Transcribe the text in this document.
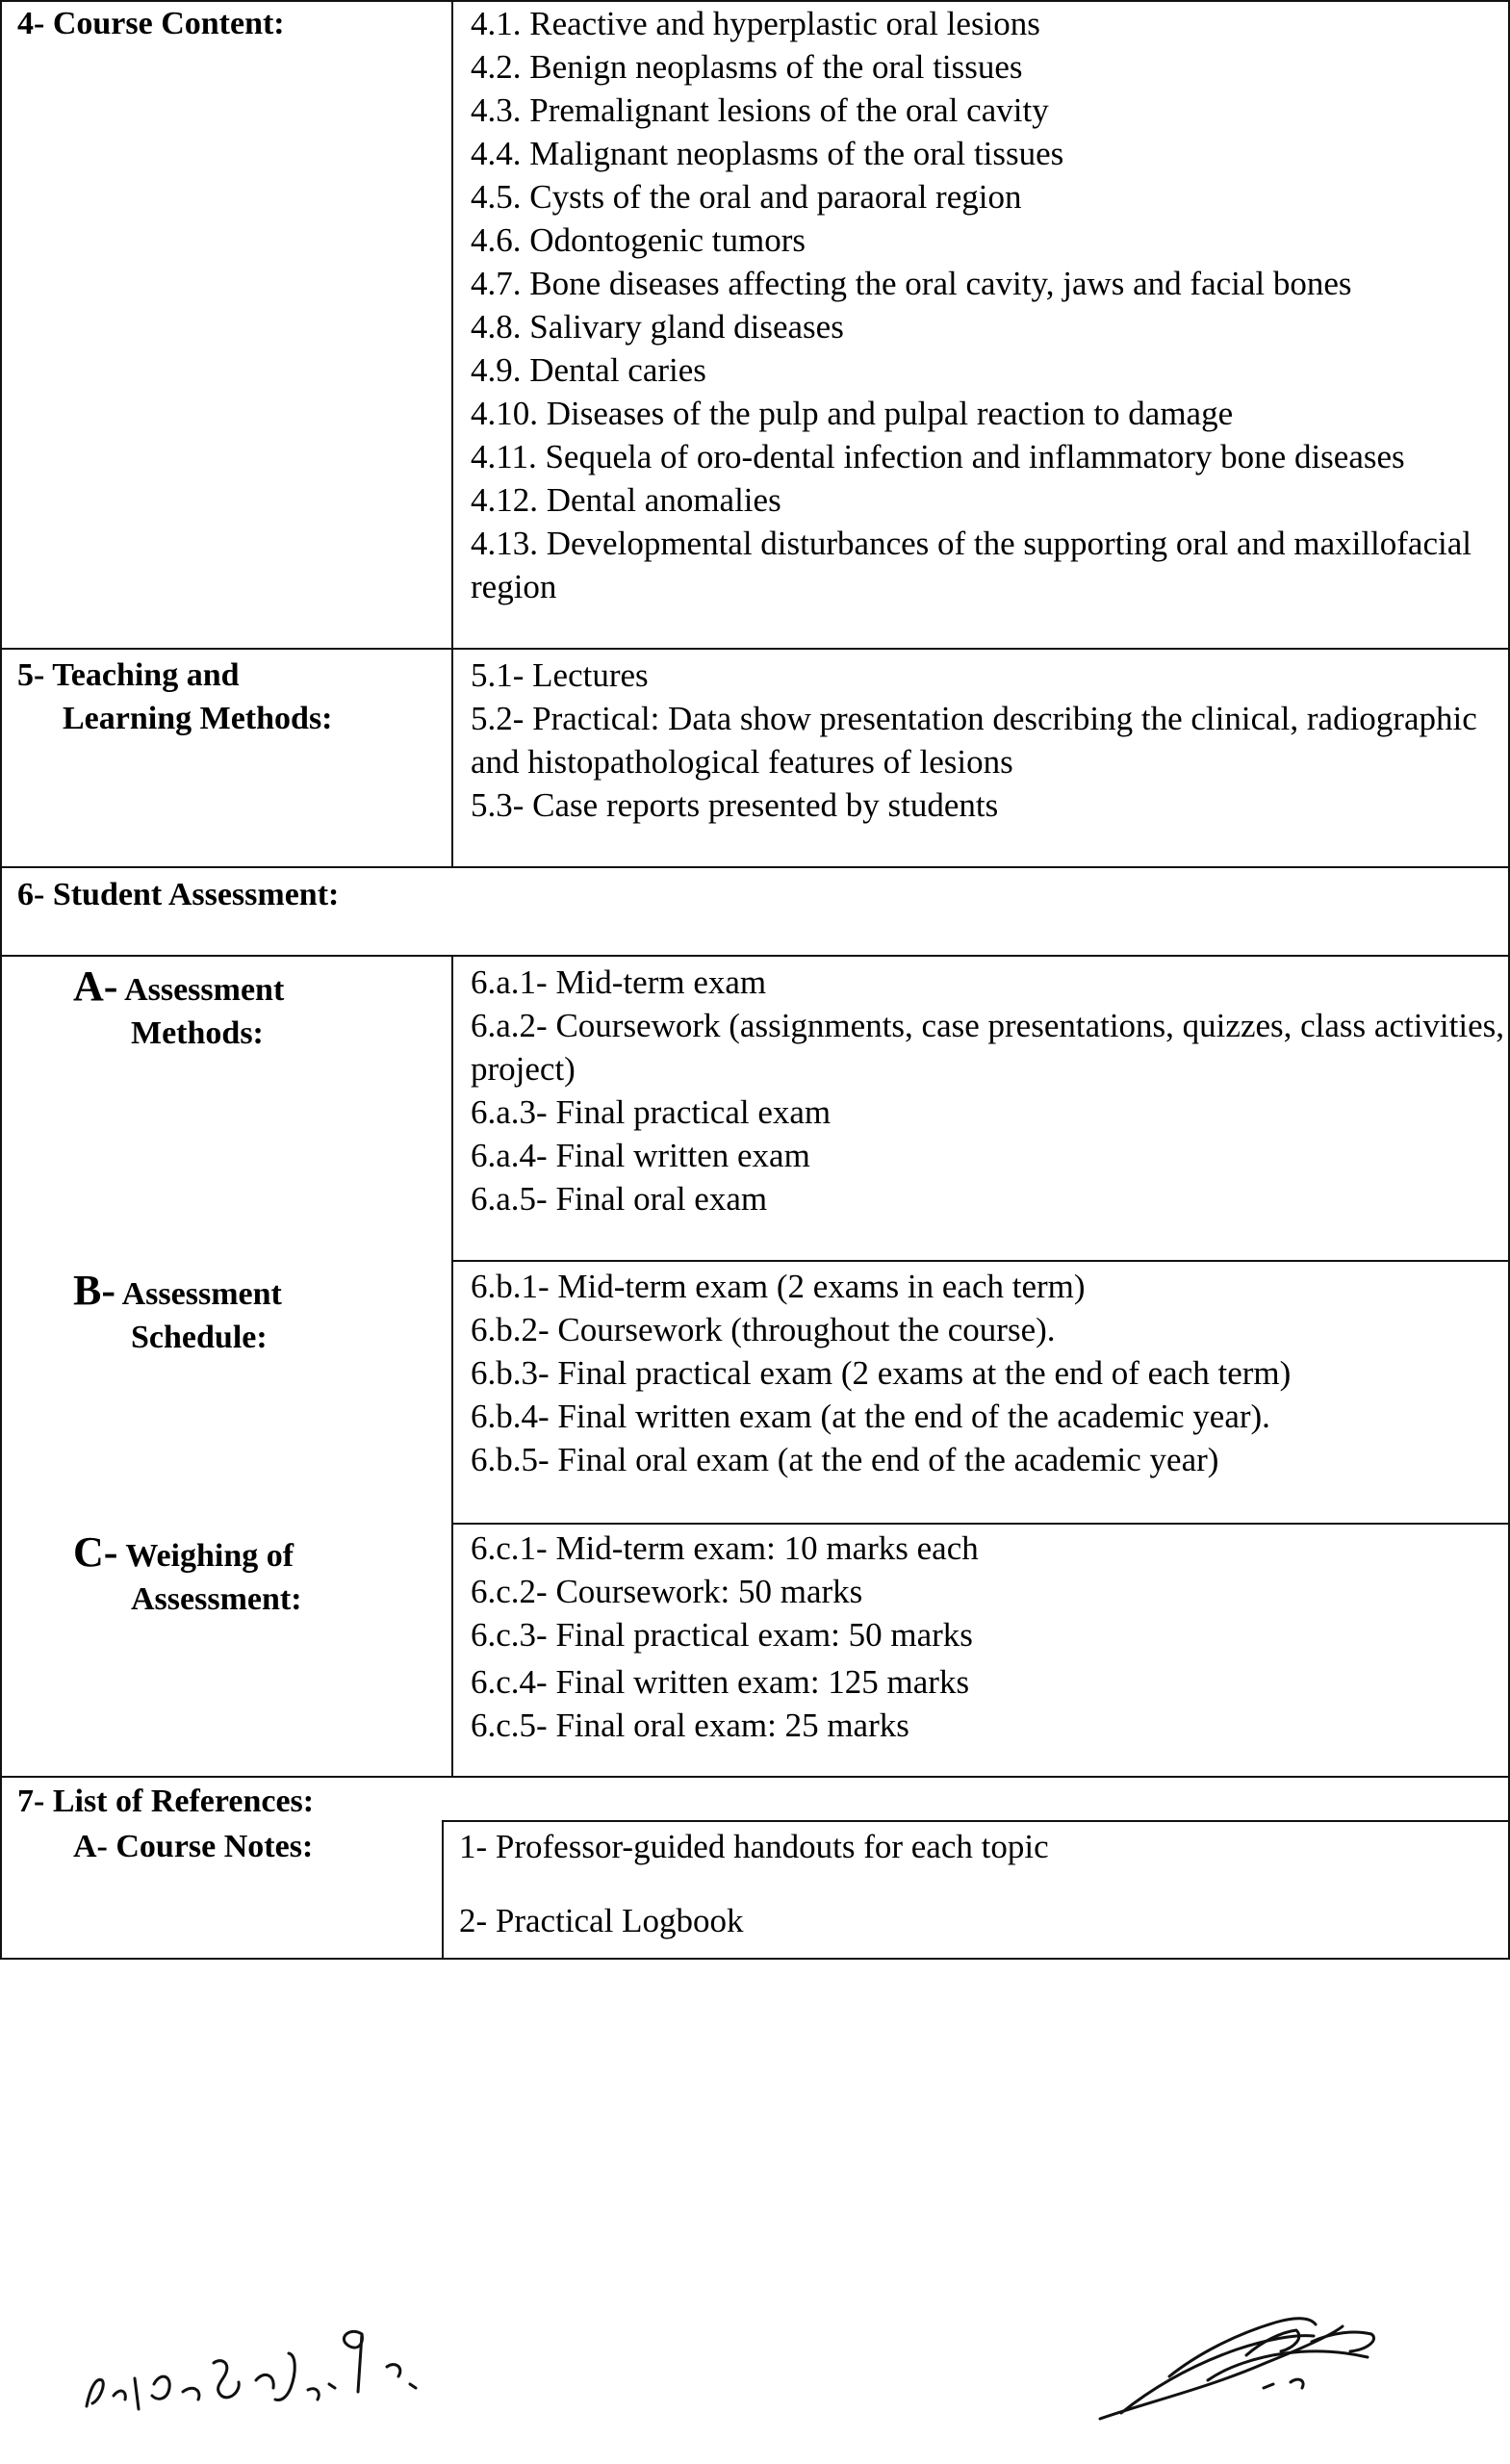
4- Course Content:	4.1. Reactive and hyperplastic oral lesions
4.2. Benign neoplasms of the oral tissues
4.3. Premalignant lesions of the oral cavity
4.4. Malignant neoplasms of the oral tissues
4.5. Cysts of the oral and paraoral region
4.6. Odontogenic tumors
4.7. Bone diseases affecting the oral cavity, jaws and facial bones
4.8. Salivary gland diseases
4.9. Dental caries
4.10. Diseases of the pulp and pulpal reaction to damage
4.11. Sequela of oro-dental infection and inflammatory bone diseases
4.12. Dental anomalies
4.13. Developmental disturbances of the supporting oral and maxillofacial region
5- Teaching and
Learning Methods:
5.1- Lectures
5.2- Practical: Data show presentation describing the clinical, radiographic and histopathological features of lesions
5.3- Case reports presented by students
6- Student Assessment:
A- Assessment
Methods:
6.a.1- Mid-term exam
6.a.2- Coursework (assignments, case presentations, quizzes, class activities, project)
6.a.3- Final practical exam
6.a.4- Final written exam
6.a.5- Final oral exam
B- Assessment
Schedule:
6.b.1- Mid-term exam (2 exams in each term)
6.b.2- Coursework (throughout the course).
6.b.3- Final practical exam (2 exams at the end of each term)
6.b.4- Final written exam (at the end of the academic year).
6.b.5- Final oral exam (at the end of the academic year)
C- Weighing of
Assessment:
6.c.1- Mid-term exam: 10 marks each
6.c.2- Coursework: 50 marks
6.c.3- Final practical exam: 50 marks
6.c.4- Final written exam: 125 marks
6.c.5- Final oral exam: 25 marks
7- List of References:
A- Course Notes:	1- Professor-guided handouts for each topic
2- Practical Logbook
